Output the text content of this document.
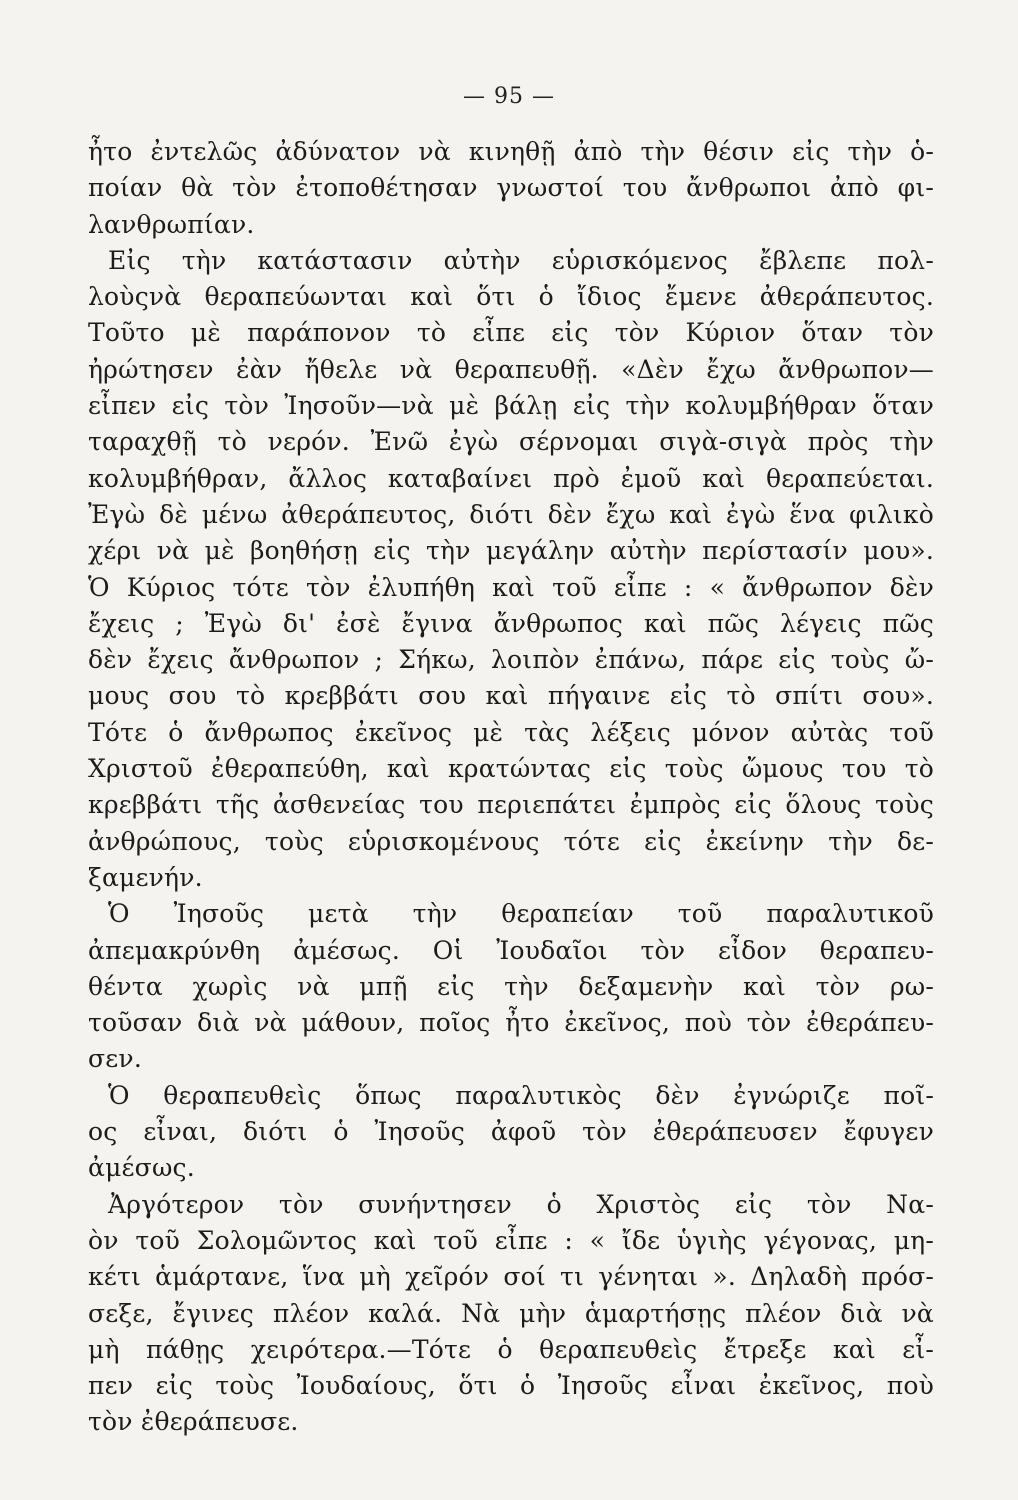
— 95 —
ἦτο ἐντελῶς ἀδύνατον νὰ κινηθῇ ἀπὸ τὴν θέσιν εἰς τὴν ὁ-
ποίαν θὰ τὸν ἐτοποθέτησαν γνωστοί του ἄνθρωποι ἀπὸ φι-
λανθρωπίαν.
Εἰς τὴν κατάστασιν αὐτὴν εὑρισκόμενος ἔβλεπε πολ-
λοὺςνὰ θεραπεύωνται καὶ ὅτι ὁ ἴδιος ἔμενε ἀθεράπευτος.
Τοῦτο μὲ παράπονον τὸ εἶπε εἰς τὸν Κύριον ὅταν τὸν
ἠρώτησεν ἐὰν ἤθελε νὰ θεραπευθῇ. «Δὲν ἔχω ἄνθρωπον—
εἶπεν εἰς τὸν Ἰησοῦν—νὰ μὲ βάλῃ εἰς τὴν κολυμβήθραν ὅταν
ταραχθῇ τὸ νερόν. Ἐνῶ ἐγὼ σέρνομαι σιγὰ-σιγὰ πρὸς τὴν
κολυμβήθραν, ἄλλος καταβαίνει πρὸ ἐμοῦ καὶ θεραπεύεται.
Ἐγὼ δὲ μένω ἀθεράπευτος, διότι δὲν ἔχω καὶ ἐγὼ ἕνα φιλικὸ
χέρι νὰ μὲ βοηθήσῃ εἰς τὴν μεγάλην αὐτὴν περίστασίν μου».
Ὁ Κύριος τότε τὸν ἐλυπήθη καὶ τοῦ εἶπε : « ἄνθρωπον δὲν
ἔχεις ; Ἐγὼ δι' ἐσὲ ἔγινα ἄνθρωπος καὶ πῶς λέγεις πῶς
δὲν ἔχεις ἄνθρωπον ; Σήκω, λοιπὸν ἐπάνω, πάρε εἰς τοὺς ὤ-
μους σου τὸ κρεββάτι σου καὶ πήγαινε εἰς τὸ σπίτι σου».
Τότε ὁ ἄνθρωπος ἐκεῖνος μὲ τὰς λέξεις μόνον αὐτὰς τοῦ
Χριστοῦ ἐθεραπεύθη, καὶ κρατώντας εἰς τοὺς ὤμους του τὸ
κρεββάτι τῆς ἀσθενείας του περιεπάτει ἐμπρὸς εἰς ὅλους τοὺς
ἀνθρώπους, τοὺς εὑρισκομένους τότε εἰς ἐκείνην τὴν δε-
ξαμενήν.
Ὁ Ἰησοῦς μετὰ τὴν θεραπείαν τοῦ παραλυτικοῦ
ἀπεμακρύνθη ἀμέσως. Οἱ Ἰουδαῖοι τὸν εἶδον θεραπευ-
θέντα χωρὶς νὰ μπῇ εἰς τὴν δεξαμενὴν καὶ τὸν ρω-
τοῦσαν διὰ νὰ μάθουν, ποῖος ἦτο ἐκεῖνος, ποὺ τὸν ἐθεράπευ-
σεν.
Ὁ θεραπευθεὶς ὅπως παραλυτικὸς δὲν ἐγνώριζε ποῖ-
ος εἶναι, διότι ὁ Ἰησοῦς ἀφοῦ τὸν ἐθεράπευσεν ἔφυγεν
ἀμέσως.
Ἀργότερον τὸν συνήντησεν ὁ Χριστὸς εἰς τὸν Να-
ὸν τοῦ Σολομῶντος καὶ τοῦ εἶπε : « ἴδε ὑγιὴς γέγονας, μη-
κέτι ἁμάρτανε, ἵνα μὴ χεῖρόν σοί τι γένηται ». Δηλαδὴ πρόσ-
σεξε, ἔγινες πλέον καλά. Νὰ μὴν ἁμαρτήσῃς πλέον διὰ νὰ
μὴ πάθῃς χειρότερα.—Τότε ὁ θεραπευθεὶς ἔτρεξε καὶ εἶ-
πεν εἰς τοὺς Ἰουδαίους, ὅτι ὁ Ἰησοῦς εἶναι ἐκεῖνος, ποὺ
τὸν ἐθεράπευσε.
